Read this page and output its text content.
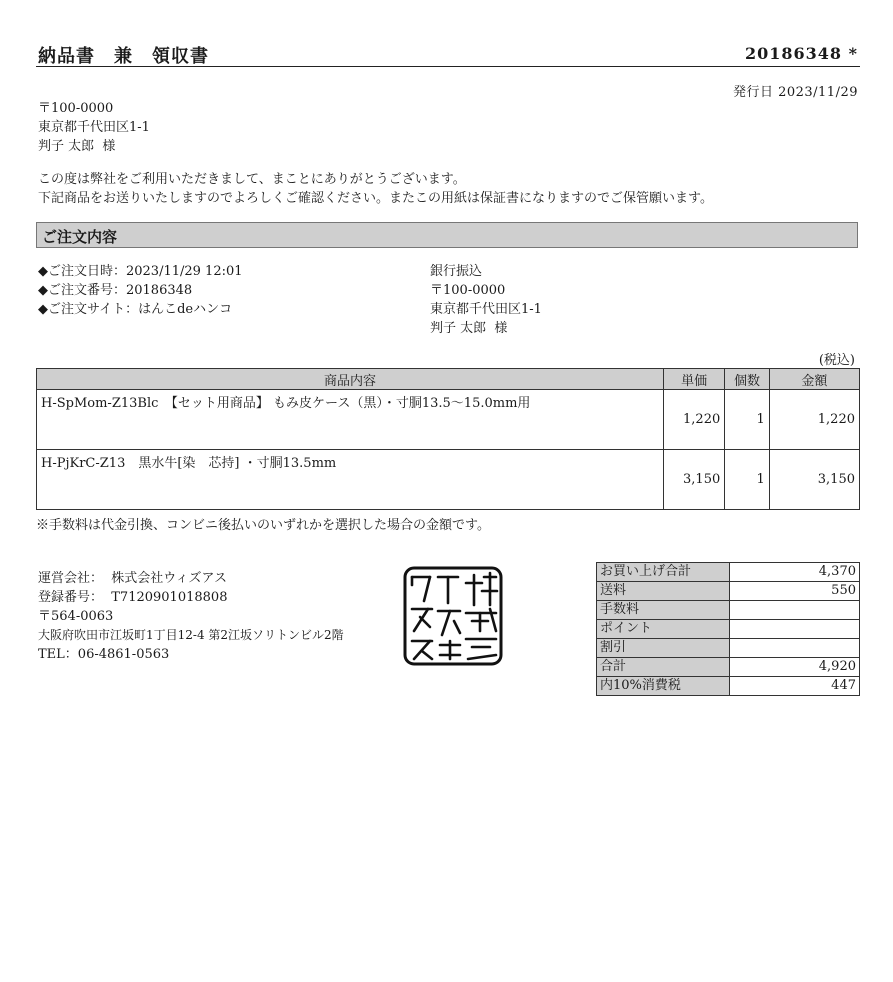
納品書　兼　領収書	20186348 *
発行日 2023/11/29
〒100-0000
東京都千代田区1-1
判子 太郎  様
この度は弊社をご利用いただきまして、まことにありがとうございます。
下記商品をお送りいたしますのでよろしくご確認ください。またこの用紙は保証書になりますのでご保管願います。
ご注文内容
◆ご注文日時：2023/11/29 12:01
◆ご注文番号：20186348
◆ご注文サイト：はんこdeハンコ
銀行振込
〒100-0000
東京都千代田区1-1
判子 太郎  様
(税込)
商品内容	単価	個数	金額
H-SpMom-Z13Blc　【セット用商品】 もみ皮ケース（黒）・寸胴13.5～15.0mm用	1,220	1	1,220
H-PjKrC-Z13　黒水牛[染　芯持] ・寸胴13.5mm	3,150	1	3,150
※手数料は代金引換、コンビニ後払いのいずれかを選択した場合の金額です。
運営会社：  株式会社ウィズアス
登録番号：  T7120901018808
〒564-0063
大阪府吹田市江坂町1丁目12-4 第2江坂ソリトンビル2階
TEL：06-4861-0563
お買い上げ合計	4,370
送料	550
手数料	
ポイント	
割引	
合計	4,920
内10%消費税	447
